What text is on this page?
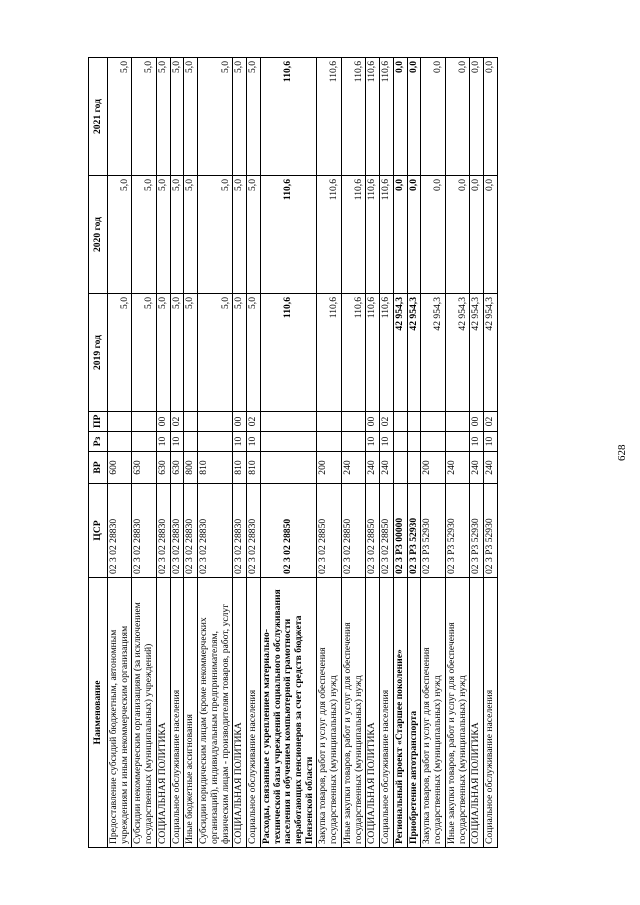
628
Наименование	ЦСР	ВР	Рз	ПР	2019 год	2020 год	2021 год
Предоставление субсидий бюджетным, автономным учреждениям и иным некоммерческим организациям	02 3 02 28830	600			5,0	5,0	5,0
Субсидии некоммерческим организациям (за исключением государственных (муниципальных) учреждений)	02 3 02 28830	630			5,0	5,0	5,0
СОЦИАЛЬНАЯ ПОЛИТИКА	02 3 02 28830	630	10	00	5,0	5,0	5,0
Социальное обслуживание населения	02 3 02 28830	630	10	02	5,0	5,0	5,0
Иные бюджетные ассигнования	02 3 02 28830	800			5,0	5,0	5,0
Субсидии юридическим лицам (кроме некоммерческих организаций), индивидуальным предпринимателям, физическим лицам - производителям товаров, работ, услуг	02 3 02 28830	810			5,0	5,0	5,0
СОЦИАЛЬНАЯ ПОЛИТИКА	02 3 02 28830	810	10	00	5,0	5,0	5,0
Социальное обслуживание населения	02 3 02 28830	810	10	02	5,0	5,0	5,0
Расходы, связанные с укреплением материально-технической базы учреждений социального обслуживания населения и обучением компьютерной грамотности неработающих пенсионеров за счет средств бюджета Пензенской области	02 3 02 28850				110,6	110,6	110,6
Закупка товаров, работ и услуг для обеспечения государственных (муниципальных) нужд	02 3 02 28850	200			110,6	110,6	110,6
Иные закупки товаров, работ и услуг для обеспечения государственных (муниципальных) нужд	02 3 02 28850	240			110,6	110,6	110,6
СОЦИАЛЬНАЯ ПОЛИТИКА	02 3 02 28850	240	10	00	110,6	110,6	110,6
Социальное обслуживание населения	02 3 02 28850	240	10	02	110,6	110,6	110,6
Региональный проект «Старшее поколение»	02 3 P3 00000				42 954,3	0,0	0,0
Приобретение автотранспорта	02 3 P3 52930				42 954,3	0,0	0,0
Закупка товаров, работ и услуг для обеспечения государственных (муниципальных) нужд	02 3 P3 52930	200			42 954,3	0,0	0,0
Иные закупки товаров, работ и услуг для обеспечения государственных (муниципальных) нужд	02 3 P3 52930	240			42 954,3	0,0	0,0
СОЦИАЛЬНАЯ ПОЛИТИКА	02 3 P3 52930	240	10	00	42 954,3	0,0	0,0
Социальное обслуживание населения	02 3 P3 52930	240	10	02	42 954,3	0,0	0,0
